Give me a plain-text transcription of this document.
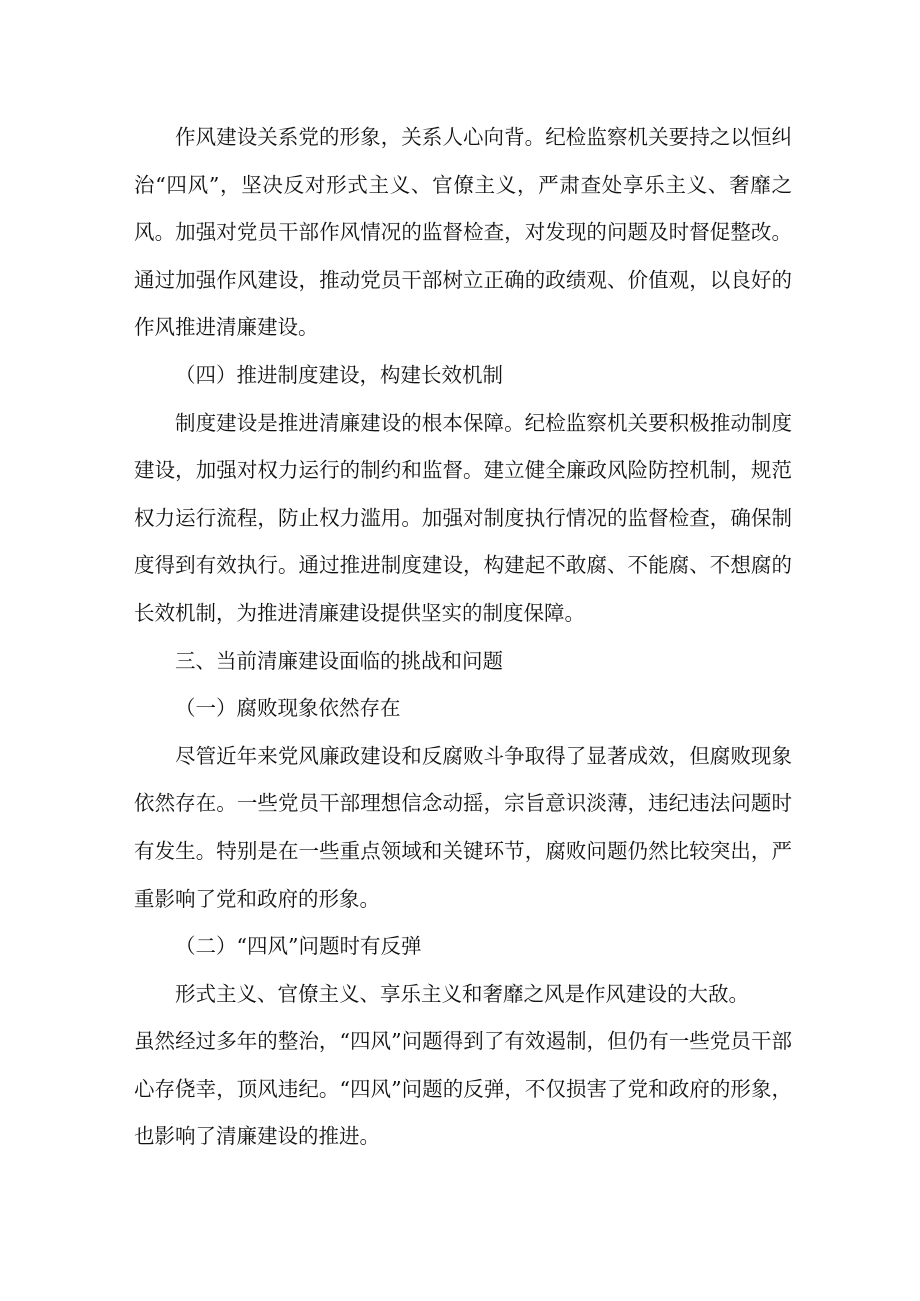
作风建设关系党的形象，关系人心向背。纪检监察机关要持之以恒纠治“四风”，坚决反对形式主义、官僚主义，严肃查处享乐主义、奢靡之风。加强对党员干部作风情况的监督检查，对发现的问题及时督促整改。通过加强作风建设，推动党员干部树立正确的政绩观、价值观，以良好的作风推进清廉建设。

（四）推进制度建设，构建长效机制

制度建设是推进清廉建设的根本保障。纪检监察机关要积极推动制度建设，加强对权力运行的制约和监督。建立健全廉政风险防控机制，规范权力运行流程，防止权力滥用。加强对制度执行情况的监督检查，确保制度得到有效执行。通过推进制度建设，构建起不敢腐、不能腐、不想腐的长效机制，为推进清廉建设提供坚实的制度保障。

三、当前清廉建设面临的挑战和问题

（一）腐败现象依然存在

尽管近年来党风廉政建设和反腐败斗争取得了显著成效，但腐败现象依然存在。一些党员干部理想信念动摇，宗旨意识淡薄，违纪违法问题时有发生。特别是在一些重点领域和关键环节，腐败问题仍然比较突出，严重影响了党和政府的形象。

（二）“四风”问题时有反弹

形式主义、官僚主义、享乐主义和奢靡之风是作风建设的大敌。

虽然经过多年的整治，“四风”问题得到了有效遏制，但仍有一些党员干部心存侥幸，顶风违纪。“四风”问题的反弹，不仅损害了党和政府的形象，也影响了清廉建设的推进。
